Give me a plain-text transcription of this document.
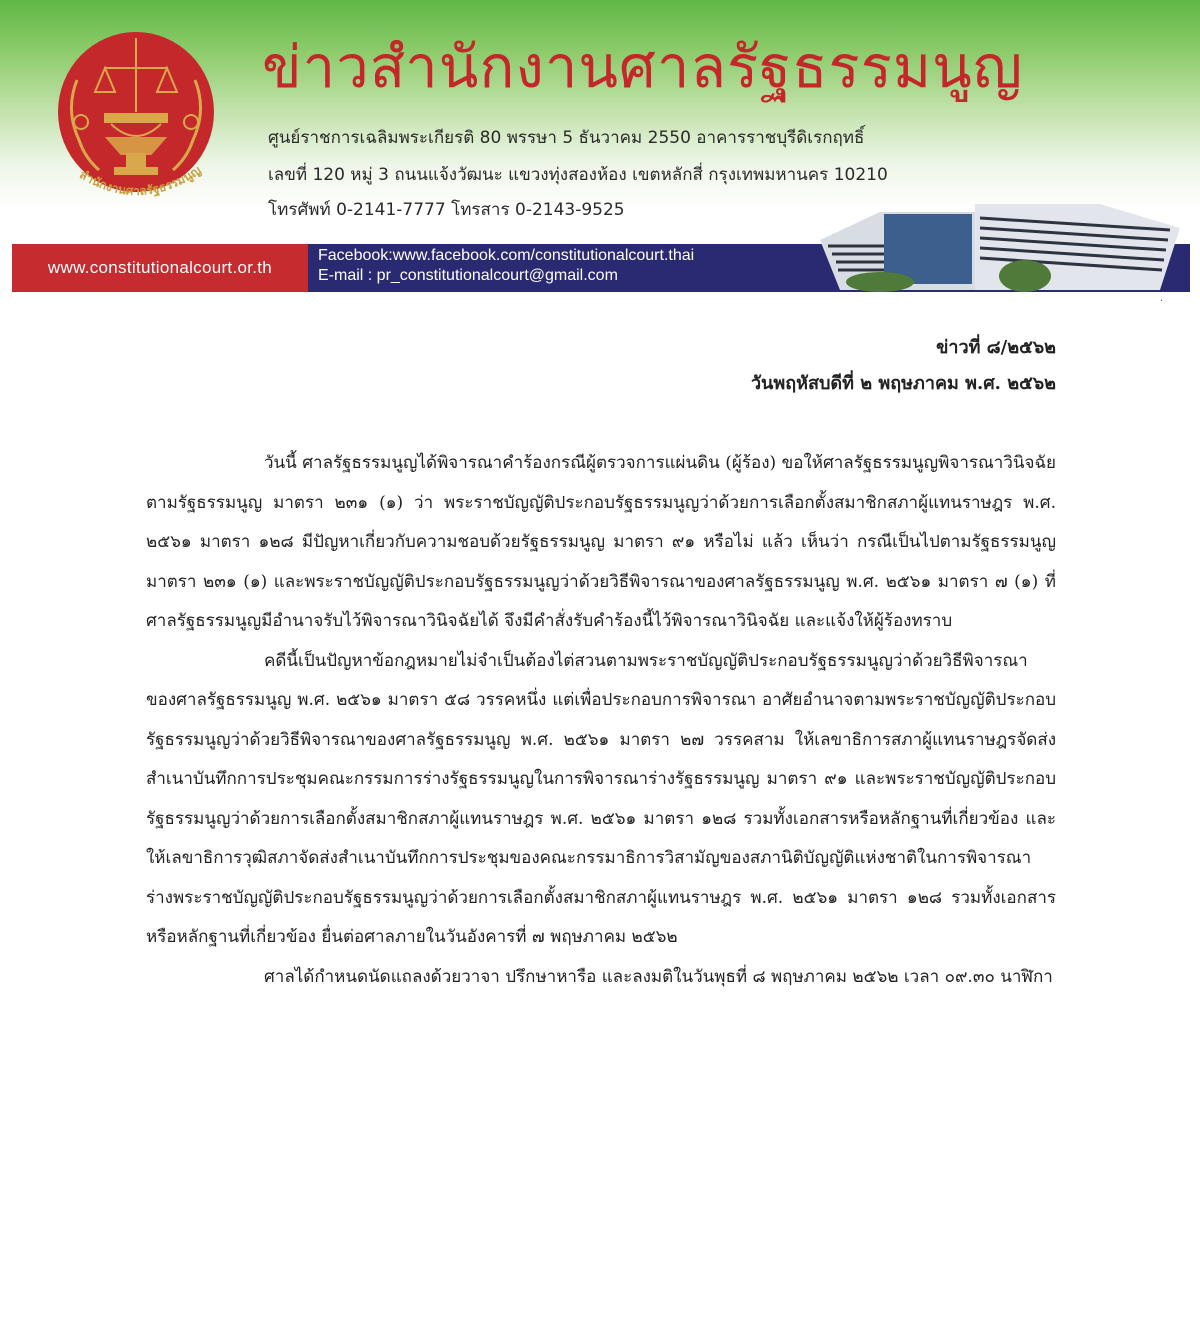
สำนักงานศาลรัฐธรรมนูญ
ข่าวสำนักงานศาลรัฐธรรมนูญ
ศูนย์ราชการเฉลิมพระเกียรติ 80 พรรษา 5 ธันวาคม 2550 อาคารราชบุรีดิเรกฤทธิ์
เลขที่ 120 หมู่ 3 ถนนแจ้งวัฒนะ แขวงทุ่งสองห้อง เขตหลักสี่ กรุงเทพมหานคร 10210
โทรศัพท์ 0-2141-7777 โทรสาร 0-2143-9525
www.constitutionalcourt.or.th
Facebook:www.facebook.com/constitutionalcourt.thai
E-mail : pr_constitutionalcourt@gmail.com
·
ข่าวที่ ๘/๒๕๖๒
วันพฤหัสบดีที่ ๒ พฤษภาคม พ.ศ. ๒๕๖๒

วันนี้ ศาลรัฐธรรมนูญได้พิจารณาคำร้องกรณีผู้ตรวจการแผ่นดิน (ผู้ร้อง) ขอให้ศาลรัฐธรรมนูญพิจารณาวินิจฉัยตามรัฐธรรมนูญ มาตรา ๒๓๑ (๑) ว่า พระราชบัญญัติประกอบรัฐธรรมนูญว่าด้วยการเลือกตั้งสมาชิกสภาผู้แทนราษฎร พ.ศ. ๒๕๖๑ มาตรา ๑๒๘ มีปัญหาเกี่ยวกับความชอบด้วยรัฐธรรมนูญ มาตรา ๙๑ หรือไม่ แล้ว เห็นว่า กรณีเป็นไปตามรัฐธรรมนูญ มาตรา ๒๓๑ (๑) และพระราชบัญญัติประกอบรัฐธรรมนูญว่าด้วยวิธีพิจารณาของศาลรัฐธรรมนูญ พ.ศ. ๒๕๖๑ มาตรา ๗ (๑) ที่ศาลรัฐธรรมนูญมีอำนาจรับไว้พิจารณาวินิจฉัยได้ จึงมีคำสั่งรับคำร้องนี้ไว้พิจารณาวินิจฉัย และแจ้งให้ผู้ร้องทราบ

คดีนี้เป็นปัญหาข้อกฎหมายไม่จำเป็นต้องไต่สวนตามพระราชบัญญัติประกอบรัฐธรรมนูญว่าด้วยวิธีพิจารณาของศาลรัฐธรรมนูญ พ.ศ. ๒๕๖๑ มาตรา ๕๘ วรรคหนึ่ง แต่เพื่อประกอบการพิจารณา อาศัยอำนาจตามพระราชบัญญัติประกอบรัฐธรรมนูญว่าด้วยวิธีพิจารณาของศาลรัฐธรรมนูญ พ.ศ. ๒๕๖๑ มาตรา ๒๗ วรรคสาม ให้เลขาธิการสภาผู้แทนราษฎรจัดส่งสำเนาบันทึกการประชุมคณะกรรมการร่างรัฐธรรมนูญในการพิจารณาร่างรัฐธรรมนูญ มาตรา ๙๑ และพระราชบัญญัติประกอบรัฐธรรมนูญว่าด้วยการเลือกตั้งสมาชิกสภาผู้แทนราษฎร พ.ศ. ๒๕๖๑ มาตรา ๑๒๘ รวมทั้งเอกสารหรือหลักฐานที่เกี่ยวข้อง และให้เลขาธิการวุฒิสภาจัดส่งสำเนาบันทึกการประชุมของคณะกรรมาธิการวิสามัญของสภานิติบัญญัติแห่งชาติในการพิจารณาร่างพระราชบัญญัติประกอบรัฐธรรมนูญว่าด้วยการเลือกตั้งสมาชิกสภาผู้แทนราษฎร พ.ศ. ๒๕๖๑ มาตรา ๑๒๘ รวมทั้งเอกสารหรือหลักฐานที่เกี่ยวข้อง ยื่นต่อศาลภายในวันอังคารที่ ๗ พฤษภาคม ๒๕๖๒

ศาลได้กำหนดนัดแถลงด้วยวาจา ปรึกษาหารือ และลงมติในวันพุธที่ ๘ พฤษภาคม ๒๕๖๒ เวลา ๐๙.๓๐ นาฬิกา
